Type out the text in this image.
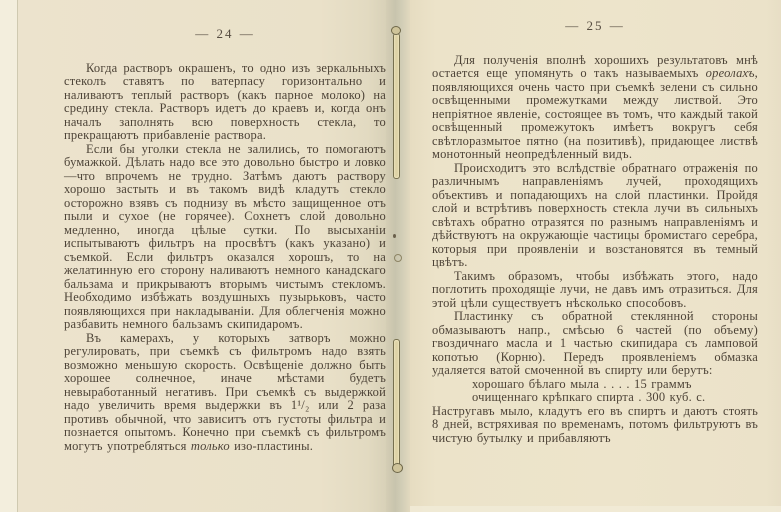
— 24 —

Когда растворъ окрашенъ, то одно изъ зеркальныхъ стеколъ ставятъ по ватерпасу горизонтально и наливаютъ теплый растворъ (какъ парное молоко) на средину стекла. Растворъ идетъ до краевъ и, когда онъ началъ заполнять всю поверхность стекла, то прекращаютъ прибавленіе раствора.

Если бы уголки стекла не залились, то помогаютъ бумажкой. Дѣлать надо все это довольно быстро и ловко—что впрочемъ не трудно. Затѣмъ даютъ раствору хорошо застыть и въ такомъ видѣ кладутъ стекло осторожно взявъ съ поднизу въ мѣсто защищенное отъ пыли и сухое (не горячее). Сохнетъ слой довольно медленно, иногда цѣлые сутки. По высыханіи испытываютъ фильтръ на просвѣтъ (какъ указано) и съемкой. Если фильтръ оказался хорошъ, то на желатинную его сторону наливаютъ немного канадскаго бальзама и прикрываютъ вторымъ чистымъ стекломъ. Необходимо избѣжать воздушныхъ пузырьковъ, часто появляющихся при накладываніи. Для облегченія можно разбавить немного бальзамъ скипидаромъ.

Въ камерахъ, у которыхъ затворъ можно регулировать, при съемкѣ съ фильтромъ надо взять возможно меньшую скорость. Освѣщеніе должно быть хорошее солнечное, иначе мѣстами будетъ невыработанный негативъ. При съемкѣ съ выдержкой надо увеличить время выдержки въ 1¹/₂ или 2 раза противъ обычной, что зависитъ отъ густоты фильтра и познается опытомъ. Конечно при съемкѣ съ фильтромъ могутъ употребляться только изо-пластины.

— 25 —

Для полученія вполнѣ хорошихъ результатовъ мнѣ остается еще упомянуть о такъ называемыхъ ореолахъ, появляющихся очень часто при съемкѣ зелени съ сильно освѣщенными промежутками между листвой. Это непріятное явленіе, состоящее въ томъ, что каждый такой освѣщенный промежутокъ имѣетъ вокругъ себя свѣтлоразмытое пятно (на позитивѣ), придающее листвѣ монотонный неопредѣленный видъ.

Происходитъ это вслѣдствіе обратнаго отраженія по различнымъ направленіямъ лучей, проходящихъ объективъ и попадающихъ на слой пластинки. Пройдя слой и встрѣтивъ поверхность стекла лучи въ сильныхъ свѣтахъ обратно отразятся по разнымъ направленіямъ и дѣйствуютъ на окружающіе частицы бромистаго серебра, которыя при проявленіи и возстановятся въ темный цвѣтъ.

Такимъ образомъ, чтобы избѣжать этого, надо поглотить проходящіе лучи, не давъ имъ отразиться. Для этой цѣли существуетъ нѣсколько способовъ.

Пластинку съ обратной стеклянной стороны обмазываютъ напр., смѣсью 6 частей (по объему) гвоздичнаго масла и 1 частью скипидара съ ламповой копотью (Корню). Передъ проявленіемъ обмазка удаляется ватой смоченной въ спирту или берутъ:

хорошаго бѣлаго мыла . . . . 15 граммъ

очищеннаго крѣпкаго спирта . 300 куб. с.

Настругавъ мыло, кладутъ его въ спиртъ и даютъ стоять 8 дней, встряхивая по временамъ, потомъ фильтруютъ въ чистую бутылку и прибавляютъ
